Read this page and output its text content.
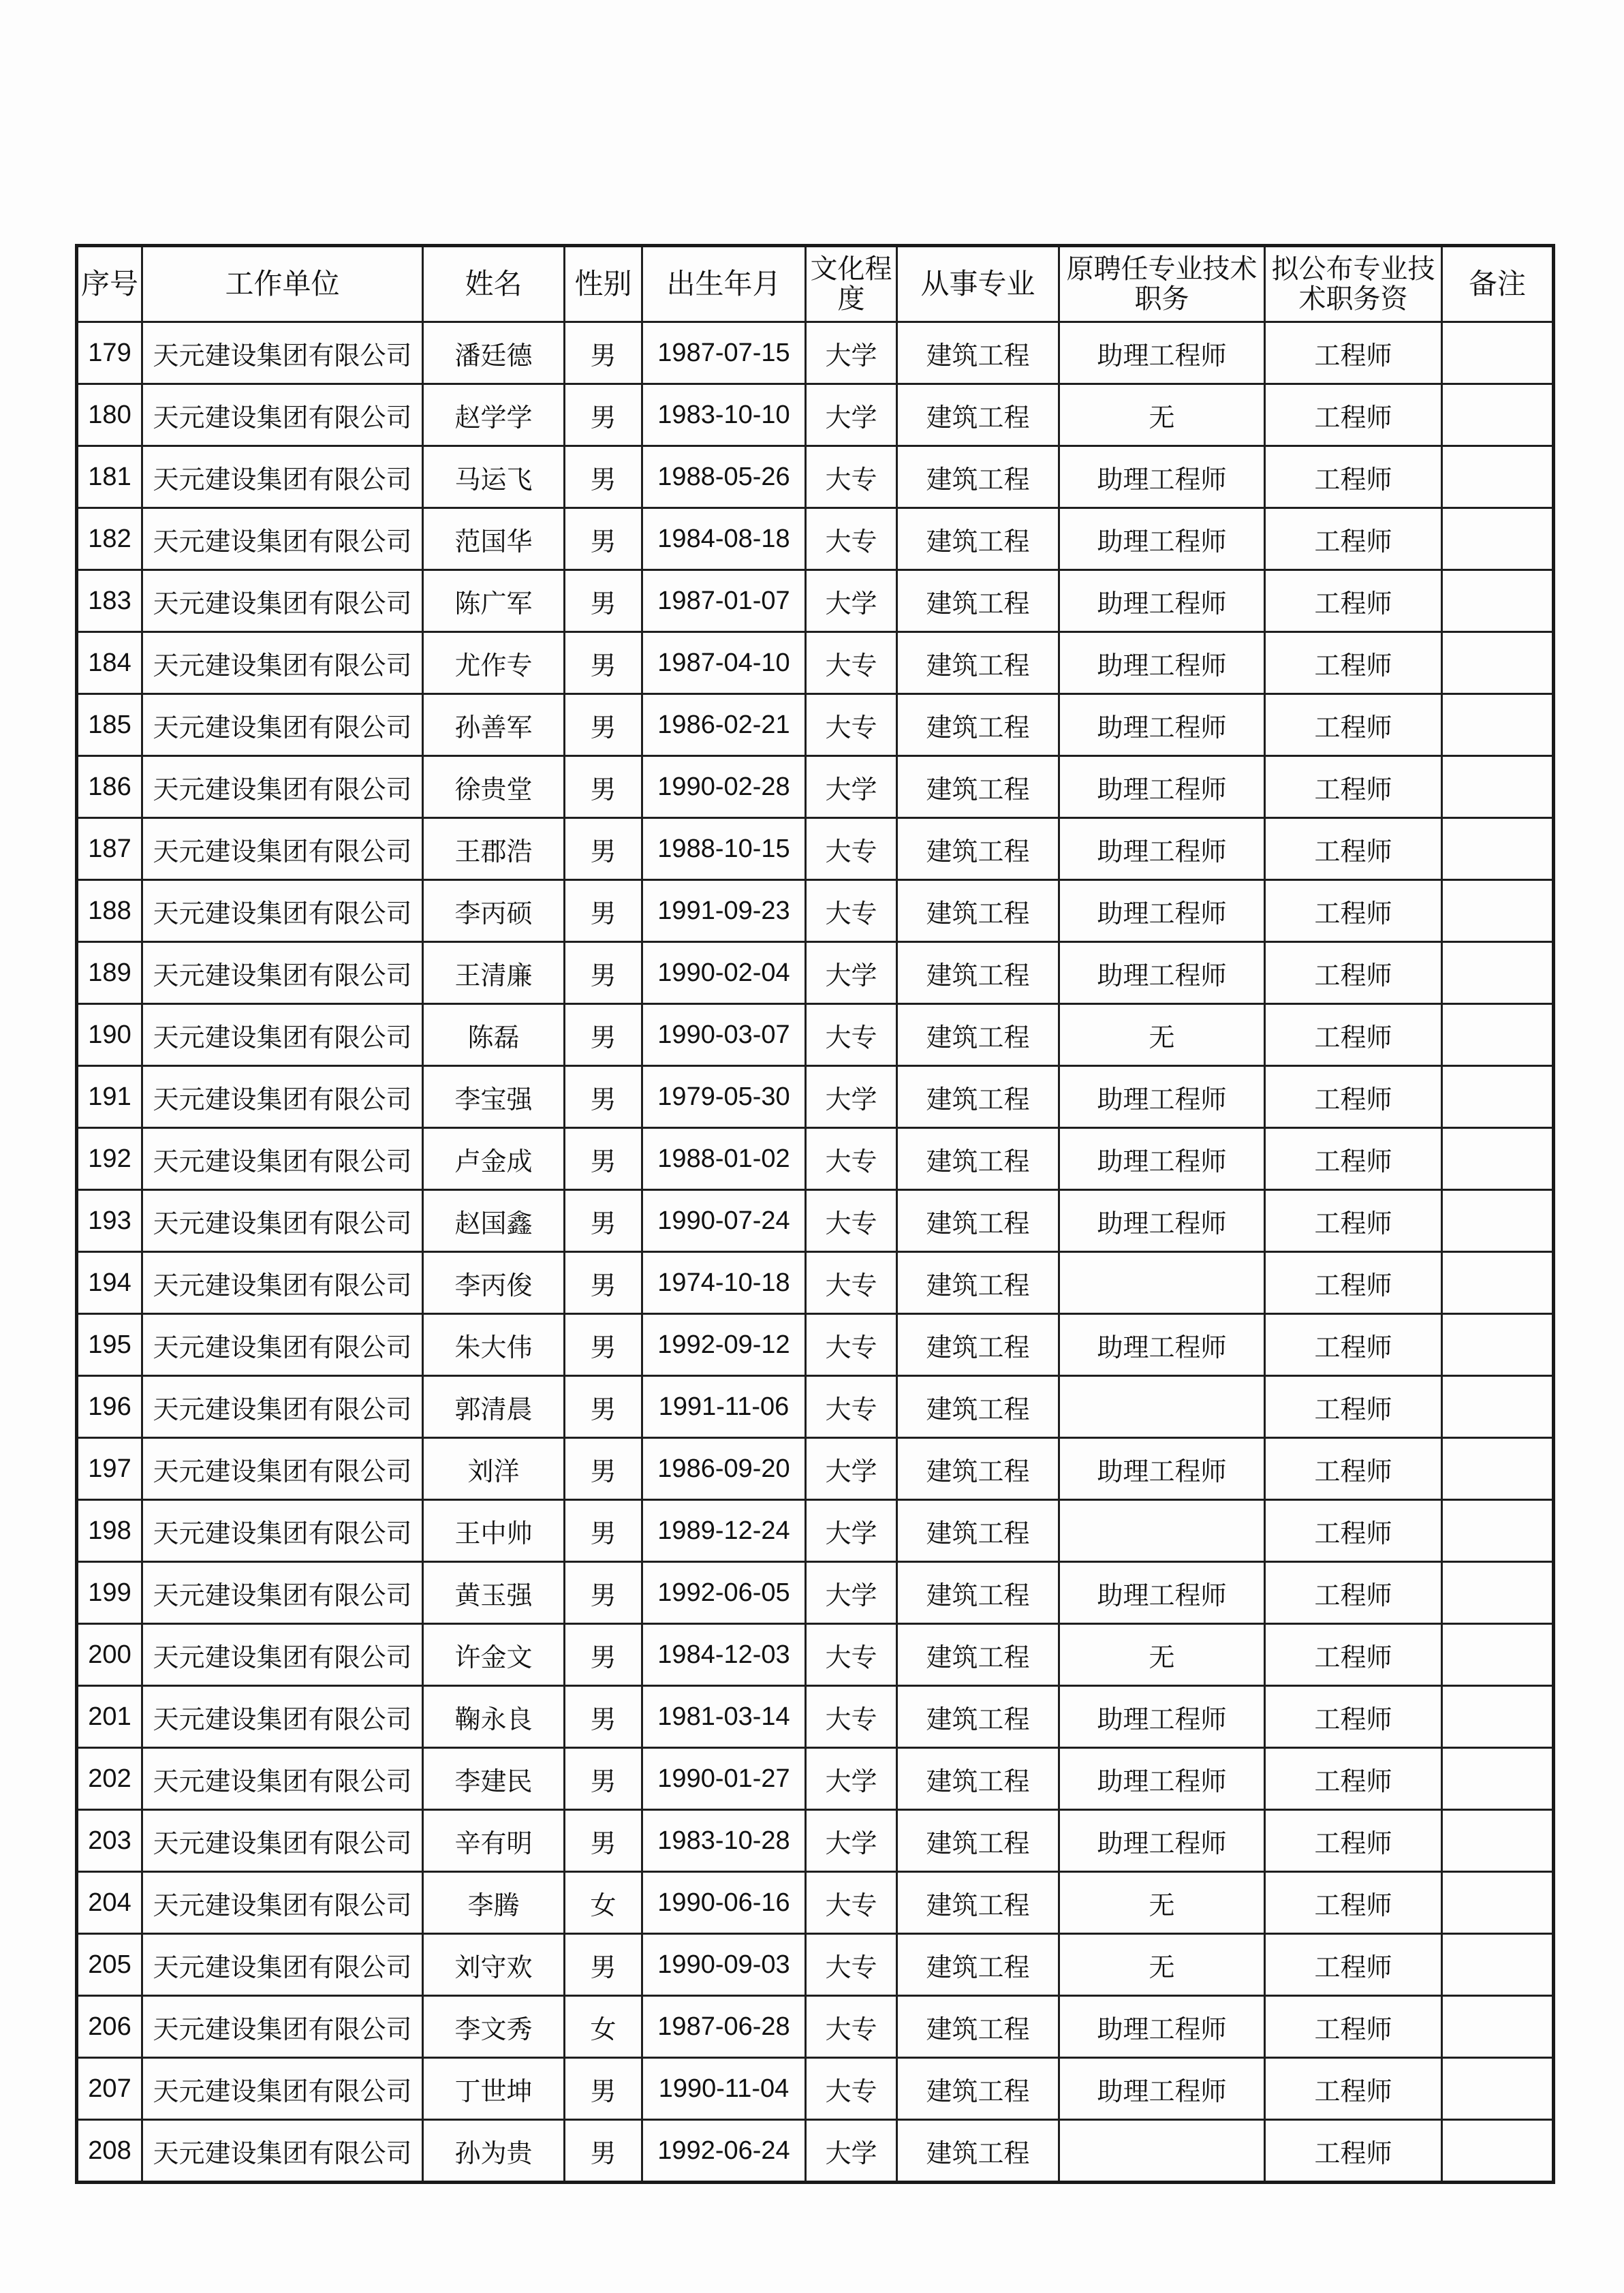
序号	工作单位	姓名	性别	出生年月	文化程度	从事专业	原聘任专业技术职务	拟公布专业技术职务资	备注
179	天元建设集团有限公司	潘廷德	男	1987-07-15	大学	建筑工程	助理工程师	工程师	
180	天元建设集团有限公司	赵学学	男	1983-10-10	大学	建筑工程	无	工程师	
181	天元建设集团有限公司	马运飞	男	1988-05-26	大专	建筑工程	助理工程师	工程师	
182	天元建设集团有限公司	范国华	男	1984-08-18	大专	建筑工程	助理工程师	工程师	
183	天元建设集团有限公司	陈广军	男	1987-01-07	大学	建筑工程	助理工程师	工程师	
184	天元建设集团有限公司	尤作专	男	1987-04-10	大专	建筑工程	助理工程师	工程师	
185	天元建设集团有限公司	孙善军	男	1986-02-21	大专	建筑工程	助理工程师	工程师	
186	天元建设集团有限公司	徐贵堂	男	1990-02-28	大学	建筑工程	助理工程师	工程师	
187	天元建设集团有限公司	王郡浩	男	1988-10-15	大专	建筑工程	助理工程师	工程师	
188	天元建设集团有限公司	李丙硕	男	1991-09-23	大专	建筑工程	助理工程师	工程师	
189	天元建设集团有限公司	王清廉	男	1990-02-04	大学	建筑工程	助理工程师	工程师	
190	天元建设集团有限公司	陈磊	男	1990-03-07	大专	建筑工程	无	工程师	
191	天元建设集团有限公司	李宝强	男	1979-05-30	大学	建筑工程	助理工程师	工程师	
192	天元建设集团有限公司	卢金成	男	1988-01-02	大专	建筑工程	助理工程师	工程师	
193	天元建设集团有限公司	赵国鑫	男	1990-07-24	大专	建筑工程	助理工程师	工程师	
194	天元建设集团有限公司	李丙俊	男	1974-10-18	大专	建筑工程		工程师	
195	天元建设集团有限公司	朱大伟	男	1992-09-12	大专	建筑工程	助理工程师	工程师	
196	天元建设集团有限公司	郭清晨	男	1991-11-06	大专	建筑工程		工程师	
197	天元建设集团有限公司	刘洋	男	1986-09-20	大学	建筑工程	助理工程师	工程师	
198	天元建设集团有限公司	王中帅	男	1989-12-24	大学	建筑工程		工程师	
199	天元建设集团有限公司	黄玉强	男	1992-06-05	大学	建筑工程	助理工程师	工程师	
200	天元建设集团有限公司	许金文	男	1984-12-03	大专	建筑工程	无	工程师	
201	天元建设集团有限公司	鞠永良	男	1981-03-14	大专	建筑工程	助理工程师	工程师	
202	天元建设集团有限公司	李建民	男	1990-01-27	大学	建筑工程	助理工程师	工程师	
203	天元建设集团有限公司	辛有明	男	1983-10-28	大学	建筑工程	助理工程师	工程师	
204	天元建设集团有限公司	李腾	女	1990-06-16	大专	建筑工程	无	工程师	
205	天元建设集团有限公司	刘守欢	男	1990-09-03	大专	建筑工程	无	工程师	
206	天元建设集团有限公司	李文秀	女	1987-06-28	大专	建筑工程	助理工程师	工程师	
207	天元建设集团有限公司	丁世坤	男	1990-11-04	大专	建筑工程	助理工程师	工程师	
208	天元建设集团有限公司	孙为贵	男	1992-06-24	大学	建筑工程		工程师	
